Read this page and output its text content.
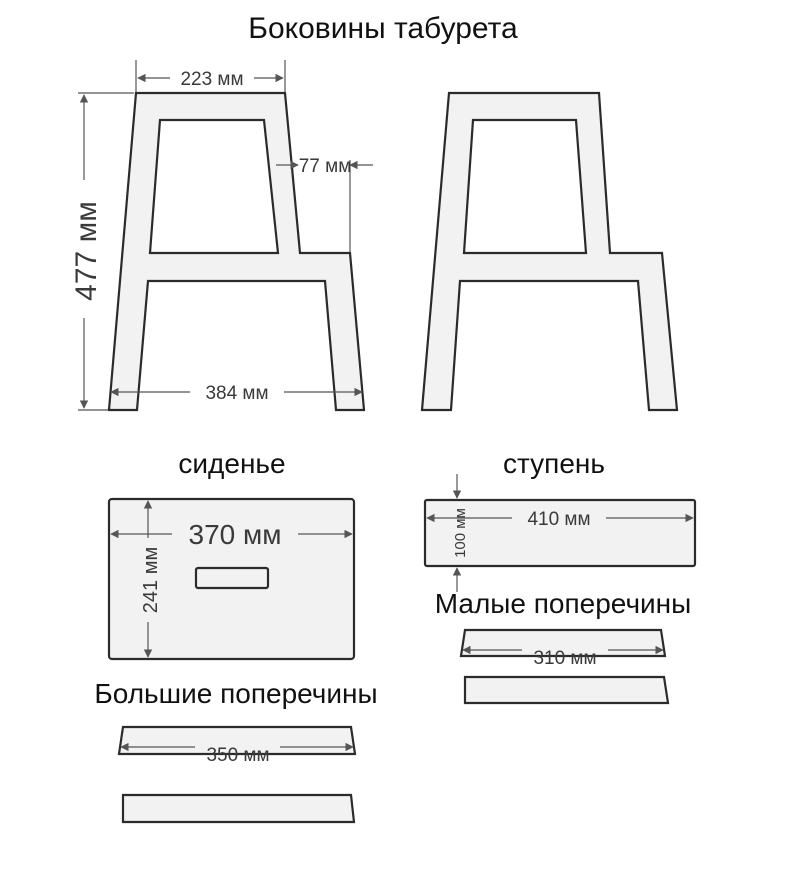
Боковины табурета
223 мм
477 мм
77 мм
384 мм
сиденье	ступень
370 мм
241 мм
410 мм
100 мм
Малые поперечины
310 мм
Большие поперечины
350 мм
